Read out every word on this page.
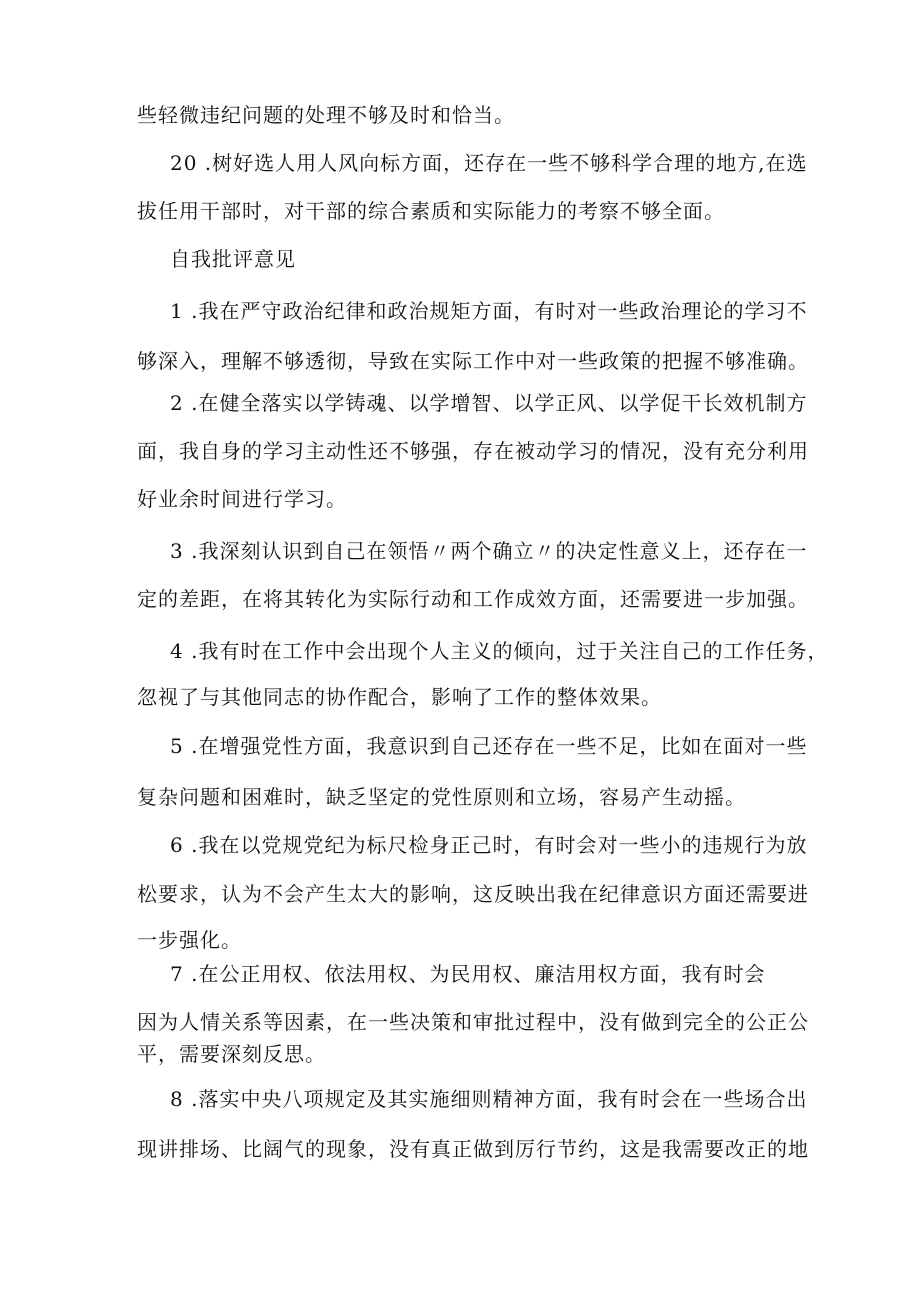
些轻微违纪问题的处理不够及时和恰当。
20 .树好选人用人风向标方面，还存在一些不够科学合理的地方,在选
拔任用干部时，对干部的综合素质和实际能力的考察不够全面。
自我批评意见
1 .我在严守政治纪律和政治规矩方面，有时对一些政治理论的学习不
够深入，理解不够透彻，导致在实际工作中对一些政策的把握不够准确。
2 .在健全落实以学铸魂、以学增智、以学正风、以学促干长效机制方
面，我自身的学习主动性还不够强，存在被动学习的情况，没有充分利用
好业余时间进行学习。
3 .我深刻认识到自己在领悟〃两个确立〃的决定性意义上，还存在一
定的差距，在将其转化为实际行动和工作成效方面，还需要进一步加强。
4 .我有时在工作中会出现个人主义的倾向，过于关注自己的工作任务，
忽视了与其他同志的协作配合，影响了工作的整体效果。
5 .在增强党性方面，我意识到自己还存在一些不足，比如在面对一些
复杂问题和困难时，缺乏坚定的党性原则和立场，容易产生动摇。
6 .我在以党规党纪为标尺检身正己时，有时会对一些小的违规行为放
松要求，认为不会产生太大的影响，这反映出我在纪律意识方面还需要进
一步强化。
7 .在公正用权、依法用权、为民用权、廉洁用权方面，我有时会
因为人情关系等因素，在一些决策和审批过程中，没有做到完全的公正公
平，需要深刻反思。
8 .落实中央八项规定及其实施细则精神方面，我有时会在一些场合出
现讲排场、比阔气的现象，没有真正做到厉行节约，这是我需要改正的地
